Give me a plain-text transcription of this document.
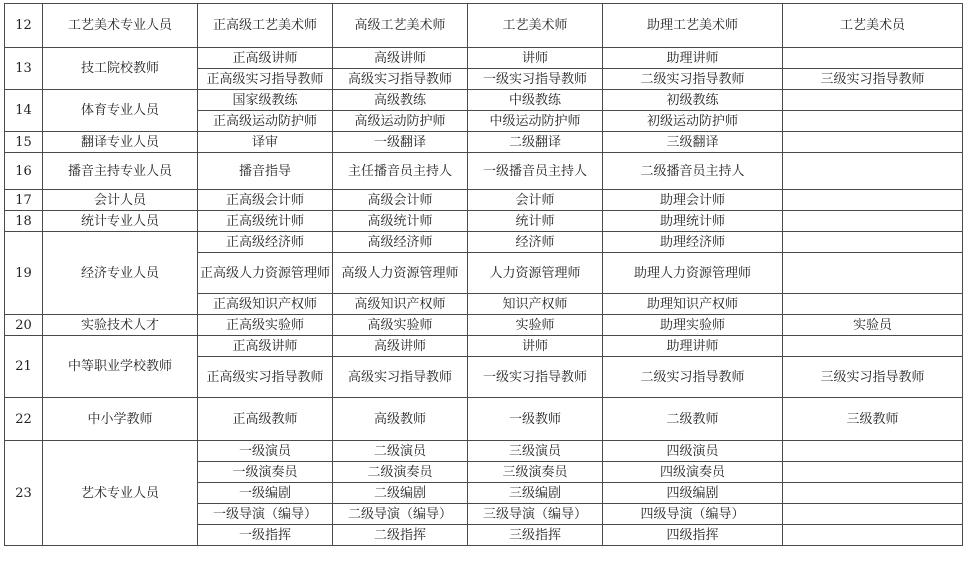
12	工艺美术专业人员	正高级工艺美术师	高级工艺美术师	工艺美术师	助理工艺美术师	工艺美术员
13	技工院校教师	正高级讲师	高级讲师	讲师	助理讲师	
		正高级实习指导教师	高级实习指导教师	一级实习指导教师	二级实习指导教师	三级实习指导教师
14	体育专业人员	国家级教练	高级教练	中级教练	初级教练	
		正高级运动防护师	高级运动防护师	中级运动防护师	初级运动防护师	
15	翻译专业人员	译审	一级翻译	二级翻译	三级翻译	
16	播音主持专业人员	播音指导	主任播音员主持人	一级播音员主持人	二级播音员主持人	
17	会计人员	正高级会计师	高级会计师	会计师	助理会计师	
18	统计专业人员	正高级统计师	高级统计师	统计师	助理统计师	
19	经济专业人员	正高级经济师	高级经济师	经济师	助理经济师	
		正高级人力资源管理师	高级人力资源管理师	人力资源管理师	助理人力资源管理师	
		正高级知识产权师	高级知识产权师	知识产权师	助理知识产权师	
20	实验技术人才	正高级实验师	高级实验师	实验师	助理实验师	实验员
21	中等职业学校教师	正高级讲师	高级讲师	讲师	助理讲师	
		正高级实习指导教师	高级实习指导教师	一级实习指导教师	二级实习指导教师	三级实习指导教师
22	中小学教师	正高级教师	高级教师	一级教师	二级教师	三级教师
23	艺术专业人员	一级演员	二级演员	三级演员	四级演员	
		一级演奏员	二级演奏员	三级演奏员	四级演奏员	
		一级编剧	二级编剧	三级编剧	四级编剧	
		一级导演（编导）	二级导演（编导）	三级导演（编导）	四级导演（编导）	
		一级指挥	二级指挥	三级指挥	四级指挥	
